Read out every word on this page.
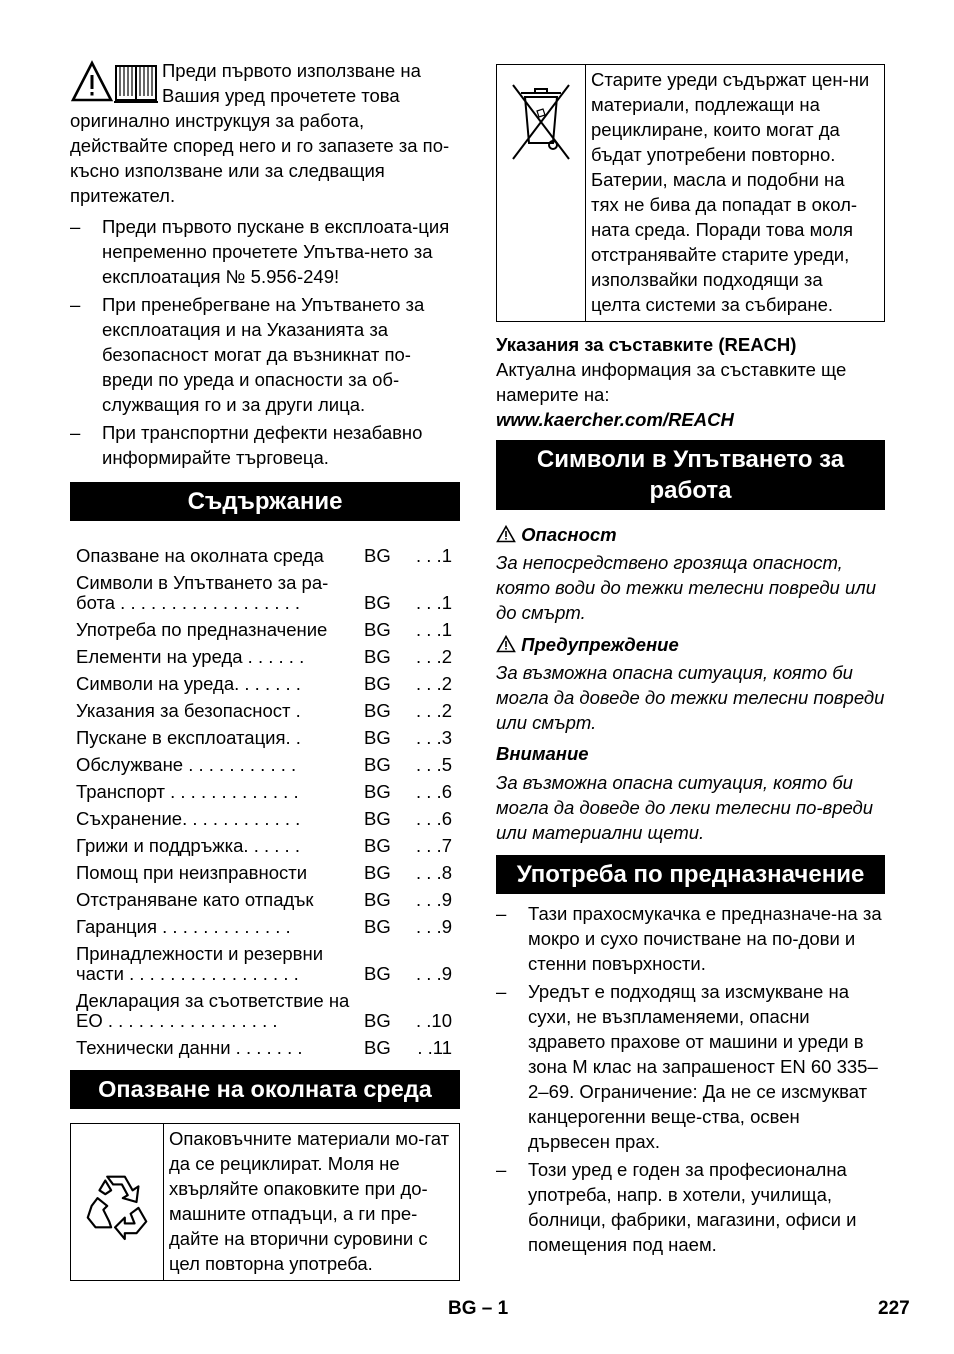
Преди първото използване на

Вашия уред прочетете това

оригинално инструкцуя за работа, действайте според него и го запазете за по-късно използване или за следващия притежател.

– Преди първото пускане в експлоата-ция непременно прочетете Упътва-нето за експлоатация № 5.956-249!
– При пренебрегване на Упътването за експлоатация и на Указанията за безопасност могат да възникнат по-вреди по уреда и опасности за об-служващия го и за други лица.
– При транспортни дефекти незабавно информирайте търговеца.
Съдържание
Опазване на околната среда	BG	. . .1
Символи в Упътването за ра-бота . . . . . . . . . . . . . . . . . .	BG	. . .1
Употреба по предназначение	BG	. . .1
Елементи на уреда . . . . . .	BG	. . .2
Символи на уреда. . . . . . .	BG	. . .2
Указания за безопасност .	BG	. . .2
Пускане в експлоатация. .	BG	. . .3
Обслужване . . . . . . . . . . .	BG	. . .5
Транспорт . . . . . . . . . . . . .	BG	. . .6
Съхранение. . . . . . . . . . . .	BG	. . .6
Грижи и поддръжка. . . . . .	BG	. . .7
Помощ при неизправности	BG	. . .8
Отстраняване като отпадък	BG	. . .9
Гаранция . . . . . . . . . . . . .	BG	. . .9
Принадлежности и резервни части . . . . . . . . . . . . . . . . .	BG	. . .9
Декларация за съответствие на ЕО . . . . . . . . . . . . . . . . .	BG	. .10
Технически данни . . . . . . .	BG	. .11
Опазване на околната среда
Опаковъчните материали мо-гат да се рециклират. Моля не хвърляйте опаковките при до-машните отпадъци, а ги пре-дайте на вторични суровини с цел повторна употреба.
Старите уреди съдържат цен-ни материали, подлежащи на рециклиране, които могат да бъдат употребени повторно. Батерии, масла и подобни на тях не бива да попадат в окол-ната среда. Поради това моля отстранявайте старите уреди, използвайки подходящи за целта системи за събиране.

Указания за съставките (REACH)

Актуална информация за съставките ще намерите на:

www.kaercher.com/REACH

Символи в Упътването за работа

Опасност

За непосредствено грозяща опасност, която води до тежки телесни повреди или до смърт.

Предупреждение

За възможна опасна ситуация, която би могла да доведе до тежки телесни повреди или смърт.

Внимание

За възможна опасна ситуация, която би могла да доведе до леки телесни по-вреди или материални щети.

Употреба по предназначение
– Тази прахосмукачка е предназначе-на за мокро и сухо почистване на по-дови и стенни повърхности.
– Уредът е подходящ за изсмукване на сухи, не възпламеняеми, опасни здравето прахове от машини и уреди в зона М клас на запрашеност EN 60 335–2–69. Ограничение: Да не се изсмукват канцерогенни веще-ства, освен дървесен прах.
– Този уред е годен за професионална употреба, напр. в хотели, училища, болници, фабрики, магазини, офиси и помещения под наем.
BG – 1	227
